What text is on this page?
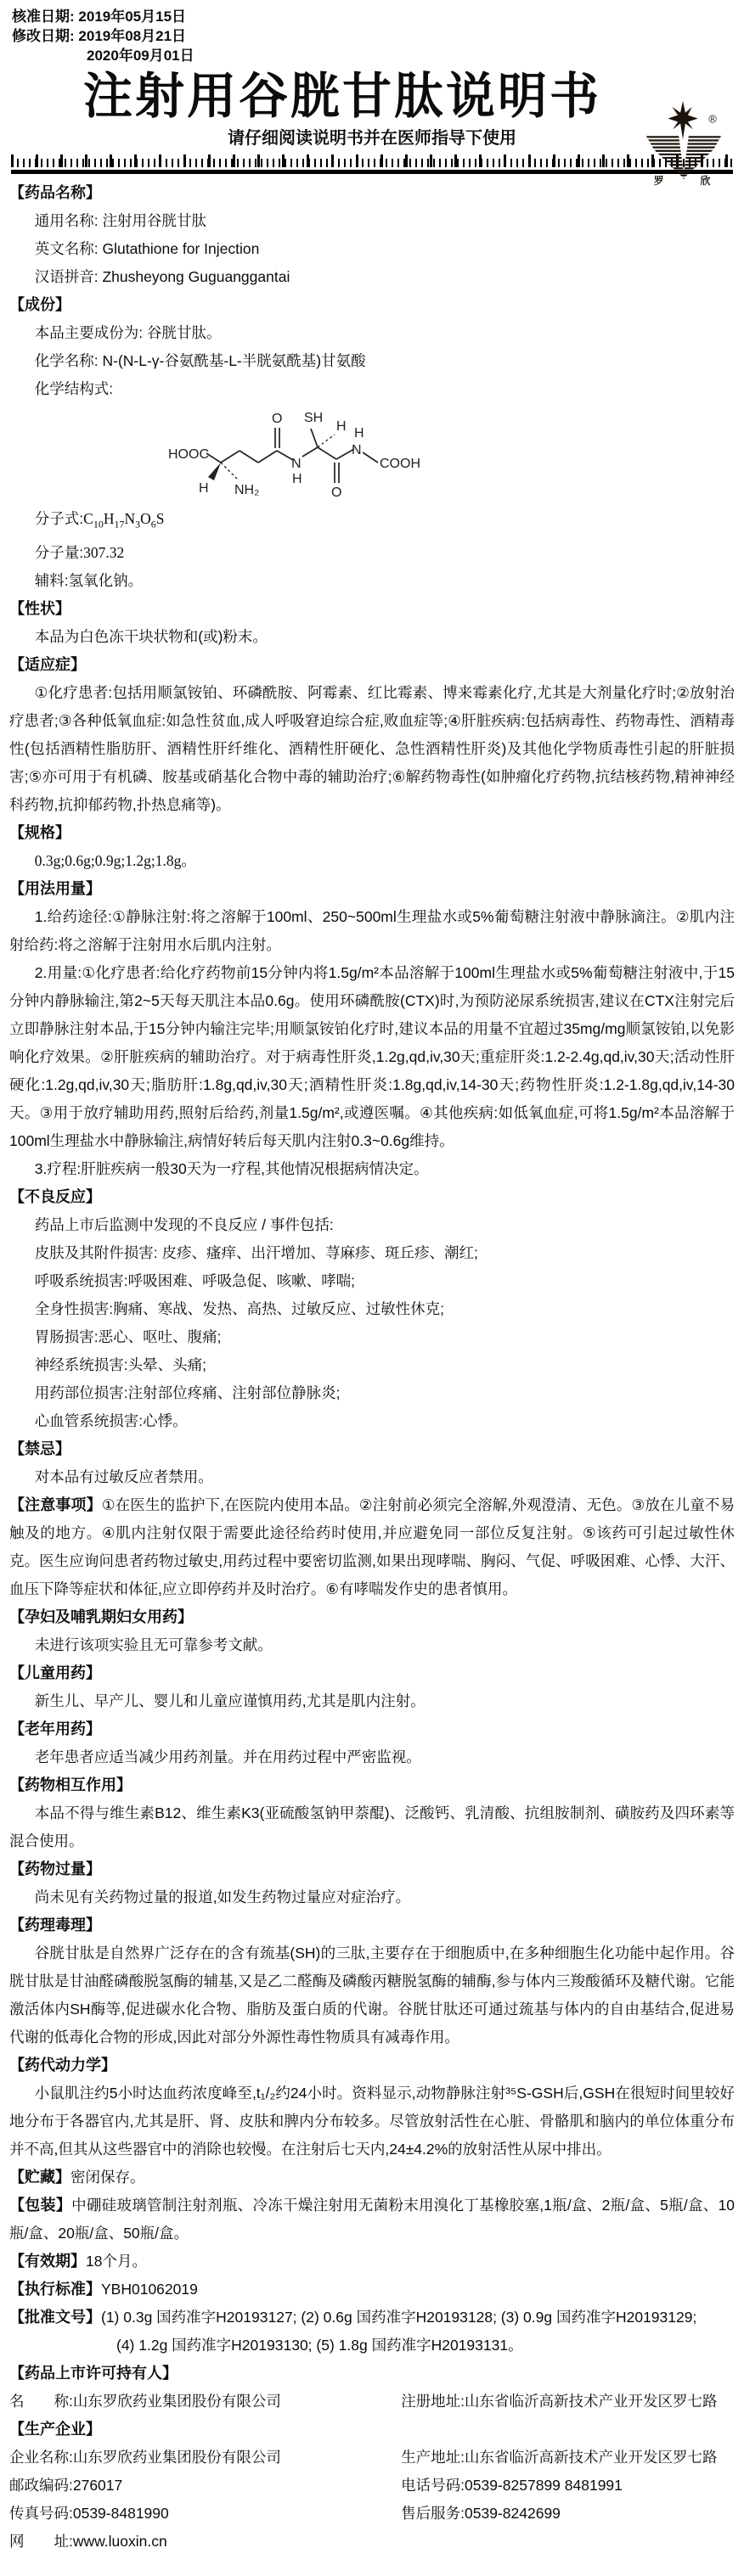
核准日期: 2019年05月15日
修改日期: 2019年08月21日
2020年09月01日
注射用谷胱甘肽说明书	®
罗	欣
请仔细阅读说明书并在医师指导下使用
【药品名称】
通用名称: 注射用谷胱甘肽
英文名称: Glutathione for Injection
汉语拼音: Zhusheyong Guguanggantai
【成份】
本品主要成份为: 谷胱甘肽。
化学名称: N-(N-L-γ-谷氨酰基-L-半胱氨酰基)甘氨酸
化学结构式:
HOOC
H NH₂
O
N
H
SH
H
O
H
N
COOH
分子式$:C_{10}H_{17}N_3O_6S$
分子量:307.32
辅料:氢氧化钠。
【性状】
本品为白色冻干块状物和(或)粉末。
【适应症】

①化疗患者:包括用顺氯铵铂、环磷酰胺、阿霉素、红比霉素、博来霉素化疗,尤其是大剂量化疗时;②放射治疗患者;③各种低氧血症:如急性贫血,成人呼吸窘迫综合症,败血症等;④肝脏疾病:包括病毒性、药物毒性、酒精毒性(包括酒精性脂肪肝、酒精性肝纤维化、酒精性肝硬化、急性酒精性肝炎)及其他化学物质毒性引起的肝脏损害;⑤亦可用于有机磷、胺基或硝基化合物中毒的辅助治疗;⑥解药物毒性(如肿瘤化疗药物,抗结核药物,精神神经科药物,抗抑郁药物,扑热息痛等)。

【规格】
0.3g;0.6g;0.9g;1.2g;1.8g。
【用法用量】

1.给药途径:①静脉注射:将之溶解于100ml、250~500ml生理盐水或5%葡萄糖注射液中静脉滴注。②肌内注射给药:将之溶解于注射用水后肌内注射。

2.用量:①化疗患者:给化疗药物前15分钟内将1.5g/m²本品溶解于100ml生理盐水或5%葡萄糖注射液中,于15分钟内静脉输注,第2~5天每天肌注本品0.6g。使用环磷酰胺(CTX)时,为预防泌尿系统损害,建议在CTX注射完后立即静脉注射本品,于15分钟内输注完毕;用顺氯铵铂化疗时,建议本品的用量不宜超过35mg/mg顺氯铵铂,以免影响化疗效果。②肝脏疾病的辅助治疗。对于病毒性肝炎,1.2g,qd,iv,30天;重症肝炎:1.2-2.4g,qd,iv,30天;活动性肝硬化:1.2g,qd,iv,30天;脂肪肝:1.8g,qd,iv,30天;酒精性肝炎:1.8g,qd,iv,14-30天;药物性肝炎:1.2-1.8g,qd,iv,14-30天。③用于放疗辅助用药,照射后给药,剂量1.5g/m²,或遵医嘱。④其他疾病:如低氧血症,可将1.5g/m²本品溶解于100ml生理盐水中静脉输注,病情好转后每天肌内注射0.3~0.6g维持。

3.疗程:肝脏疾病一般30天为一疗程,其他情况根据病情决定。

【不良反应】
药品上市后监测中发现的不良反应 / 事件包括:
皮肤及其附件损害: 皮疹、瘙痒、出汗增加、荨麻疹、斑丘疹、潮红;
呼吸系统损害:呼吸困难、呼吸急促、咳嗽、哮喘;
全身性损害:胸痛、寒战、发热、高热、过敏反应、过敏性休克;
胃肠损害:恶心、呕吐、腹痛;
神经系统损害:头晕、头痛;
用药部位损害:注射部位疼痛、注射部位静脉炎;
心血管系统损害:心悸。
【禁忌】
对本品有过敏反应者禁用。

【注意事项】①在医生的监护下,在医院内使用本品。②注射前必须完全溶解,外观澄清、无色。③放在儿童不易触及的地方。④肌内注射仅限于需要此途径给药时使用,并应避免同一部位反复注射。⑤该药可引起过敏性休克。医生应询问患者药物过敏史,用药过程中要密切监测,如果出现哮喘、胸闷、气促、呼吸困难、心悸、大汗、血压下降等症状和体征,应立即停药并及时治疗。⑥有哮喘发作史的患者慎用。

【孕妇及哺乳期妇女用药】
未进行该项实验且无可靠参考文献。
【儿童用药】
新生儿、早产儿、婴儿和儿童应谨慎用药,尤其是肌内注射。
【老年用药】
老年患者应适当减少用药剂量。并在用药过程中严密监视。
【药物相互作用】

本品不得与维生素B12、维生素K3(亚硫酸氢钠甲萘醌)、泛酸钙、乳清酸、抗组胺制剂、磺胺药及四环素等混合使用。

【药物过量】
尚未见有关药物过量的报道,如发生药物过量应对症治疗。
【药理毒理】

谷胱甘肽是自然界广泛存在的含有巯基(SH)的三肽,主要存在于细胞质中,在多种细胞生化功能中起作用。谷胱甘肽是甘油醛磷酸脱氢酶的辅基,又是乙二醛酶及磷酸丙糖脱氢酶的辅酶,参与体内三羧酸循环及糖代谢。它能激活体内SH酶等,促进碳水化合物、脂肪及蛋白质的代谢。谷胱甘肽还可通过巯基与体内的自由基结合,促进易代谢的低毒化合物的形成,因此对部分外源性毒性物质具有减毒作用。

【药代动力学】

小鼠肌注约5小时达血药浓度峰至,t₁/₂约24小时。资料显示,动物静脉注射³⁵S-GSH后,GSH在很短时间里较好地分布于各器官内,尤其是肝、肾、皮肤和脾内分布较多。尽管放射活性在心脏、骨骼肌和脑内的单位体重分布并不高,但其从这些器官中的消除也较慢。在注射后七天内,24±4.2%的放射活性从尿中排出。

【贮藏】密闭保存。

【包装】中硼硅玻璃管制注射剂瓶、冷冻干燥注射用无菌粉末用溴化丁基橡胶塞,1瓶/盒、2瓶/盒、5瓶/盒、10瓶/盒、20瓶/盒、50瓶/盒。

【有效期】18个月。

【执行标准】YBH01062019

【批准文号】(1) 0.3g 国药准字H20193127; (2) 0.6g 国药准字H20193128; (3) 0.9g 国药准字H20193129;

(4) 1.2g 国药准字H20193130; (5) 1.8g 国药准字H20193131。
【药品上市许可持有人】
名　　称:山东罗欣药业集团股份有限公司	注册地址:山东省临沂高新技术产业开发区罗七路
【生产企业】
企业名称:山东罗欣药业集团股份有限公司	生产地址:山东省临沂高新技术产业开发区罗七路
邮政编码:276017	电话号码:0539-8257899 8481991
传真号码:0539-8481990	售后服务:0539-8242699
网　　址:www.luoxin.cn
